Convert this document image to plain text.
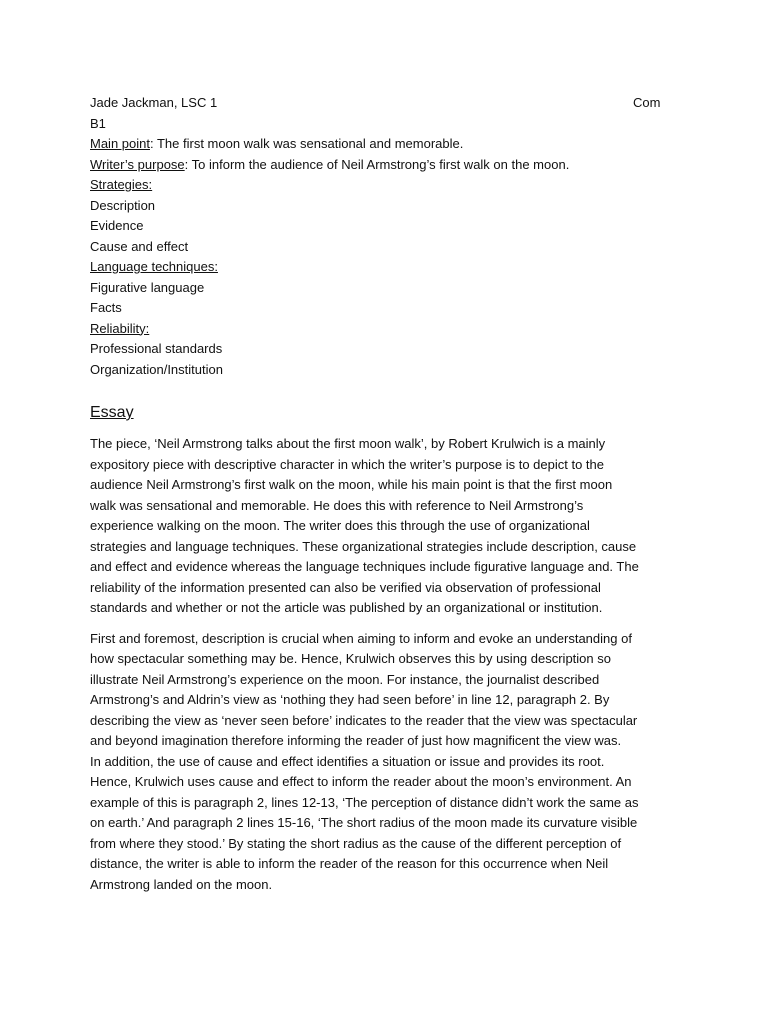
Jade Jackman, LSC 1	Com
B1
Main point: The first moon walk was sensational and memorable.
Writer’s purpose: To inform the audience of Neil Armstrong’s first walk on the moon.
Strategies:
Description
Evidence
Cause and effect
Language techniques:
Figurative language
Facts
Reliability:
Professional standards
Organization/Institution
Essay
The piece, ‘Neil Armstrong talks about the first moon walk’, by Robert Krulwich is a mainly
expository piece with descriptive character in which the writer’s purpose is to depict to the
audience Neil Armstrong’s first walk on the moon, while his main point is that the first moon
walk was sensational and memorable. He does this with reference to Neil Armstrong’s
experience walking on the moon. The writer does this through the use of organizational
strategies and language techniques. These organizational strategies include description, cause
and effect and evidence whereas the language techniques include figurative language and. The
reliability of the information presented can also be verified via observation of professional
standards and whether or not the article was published by an organizational or institution.
First and foremost, description is crucial when aiming to inform and evoke an understanding of
how spectacular something may be. Hence, Krulwich observes this by using description so
illustrate Neil Armstrong’s experience on the moon. For instance, the journalist described
Armstrong’s and Aldrin’s view as ‘nothing they had seen before’ in line 12, paragraph 2. By
describing the view as ‘never seen before’ indicates to the reader that the view was spectacular
and beyond imagination therefore informing the reader of just how magnificent the view was.
In addition, the use of cause and effect identifies a situation or issue and provides its root.
Hence, Krulwich uses cause and effect to inform the reader about the moon’s environment. An
example of this is paragraph 2, lines 12-13, ‘The perception of distance didn’t work the same as
on earth.’ And paragraph 2 lines 15-16, ‘The short radius of the moon made its curvature visible
from where they stood.’ By stating the short radius as the cause of the different perception of
distance, the writer is able to inform the reader of the reason for this occurrence when Neil
Armstrong landed on the moon.
